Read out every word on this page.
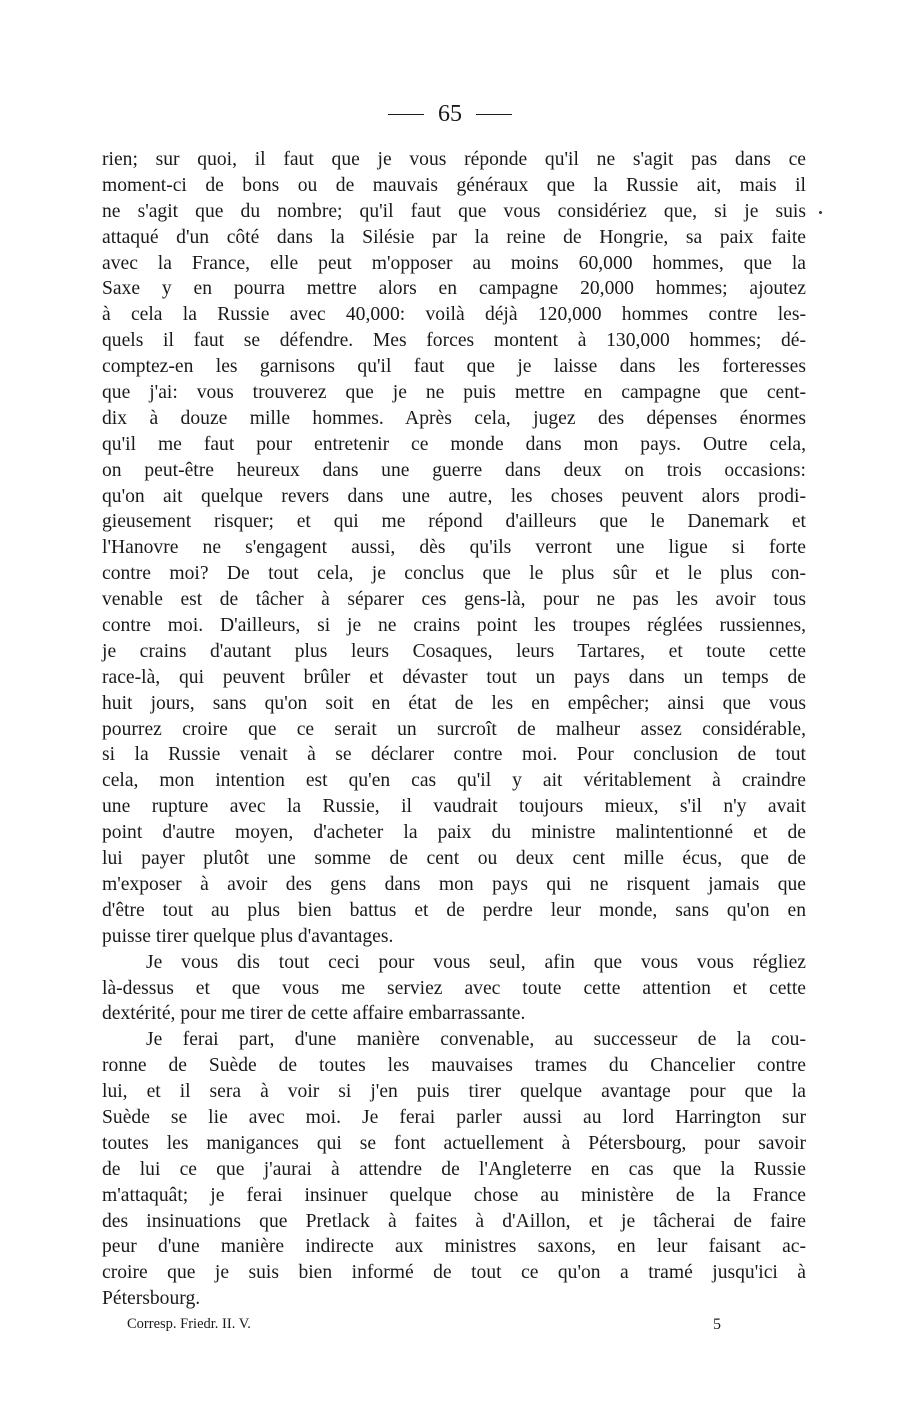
65
rien; sur quoi, il faut que je vous réponde qu'il ne s'agit pas dans ce
moment-ci de bons ou de mauvais généraux que la Russie ait, mais il
ne s'agit que du nombre; qu'il faut que vous considériez que, si je suis
attaqué d'un côté dans la Silésie par la reine de Hongrie, sa paix faite
avec la France, elle peut m'opposer au moins 60,000 hommes, que la
Saxe y en pourra mettre alors en campagne 20,000 hommes; ajoutez
à cela la Russie avec 40,000: voilà déjà 120,000 hommes contre les-
quels il faut se défendre. Mes forces montent à 130,000 hommes; dé-
comptez-en les garnisons qu'il faut que je laisse dans les forteresses
que j'ai: vous trouverez que je ne puis mettre en campagne que cent-
dix à douze mille hommes. Après cela, jugez des dépenses énormes
qu'il me faut pour entretenir ce monde dans mon pays. Outre cela,
on peut-être heureux dans une guerre dans deux on trois occasions:
qu'on ait quelque revers dans une autre, les choses peuvent alors prodi-
gieusement risquer; et qui me répond d'ailleurs que le Danemark et
l'Hanovre ne s'engagent aussi, dès qu'ils verront une ligue si forte
contre moi? De tout cela, je conclus que le plus sûr et le plus con-
venable est de tâcher à séparer ces gens-là, pour ne pas les avoir tous
contre moi. D'ailleurs, si je ne crains point les troupes réglées russiennes,
je crains d'autant plus leurs Cosaques, leurs Tartares, et toute cette
race-là, qui peuvent brûler et dévaster tout un pays dans un temps de
huit jours, sans qu'on soit en état de les en empêcher; ainsi que vous
pourrez croire que ce serait un surcroît de malheur assez considérable,
si la Russie venait à se déclarer contre moi. Pour conclusion de tout
cela, mon intention est qu'en cas qu'il y ait véritablement à craindre
une rupture avec la Russie, il vaudrait toujours mieux, s'il n'y avait
point d'autre moyen, d'acheter la paix du ministre malintentionné et de
lui payer plutôt une somme de cent ou deux cent mille écus, que de
m'exposer à avoir des gens dans mon pays qui ne risquent jamais que
d'être tout au plus bien battus et de perdre leur monde, sans qu'on en
puisse tirer quelque plus d'avantages.
Je vous dis tout ceci pour vous seul, afin que vous vous régliez
là-dessus et que vous me serviez avec toute cette attention et cette
dextérité, pour me tirer de cette affaire embarrassante.
Je ferai part, d'une manière convenable, au successeur de la cou-
ronne de Suède de toutes les mauvaises trames du Chancelier contre
lui, et il sera à voir si j'en puis tirer quelque avantage pour que la
Suède se lie avec moi. Je ferai parler aussi au lord Harrington sur
toutes les manigances qui se font actuellement à Pétersbourg, pour savoir
de lui ce que j'aurai à attendre de l'Angleterre en cas que la Russie
m'attaquât; je ferai insinuer quelque chose au ministère de la France
des insinuations que Pretlack à faites à d'Aillon, et je tâcherai de faire
peur d'une manière indirecte aux ministres saxons, en leur faisant ac-
croire que je suis bien informé de tout ce qu'on a tramé jusqu'ici à
Pétersbourg.
Corresp. Friedr. II. V.	5
